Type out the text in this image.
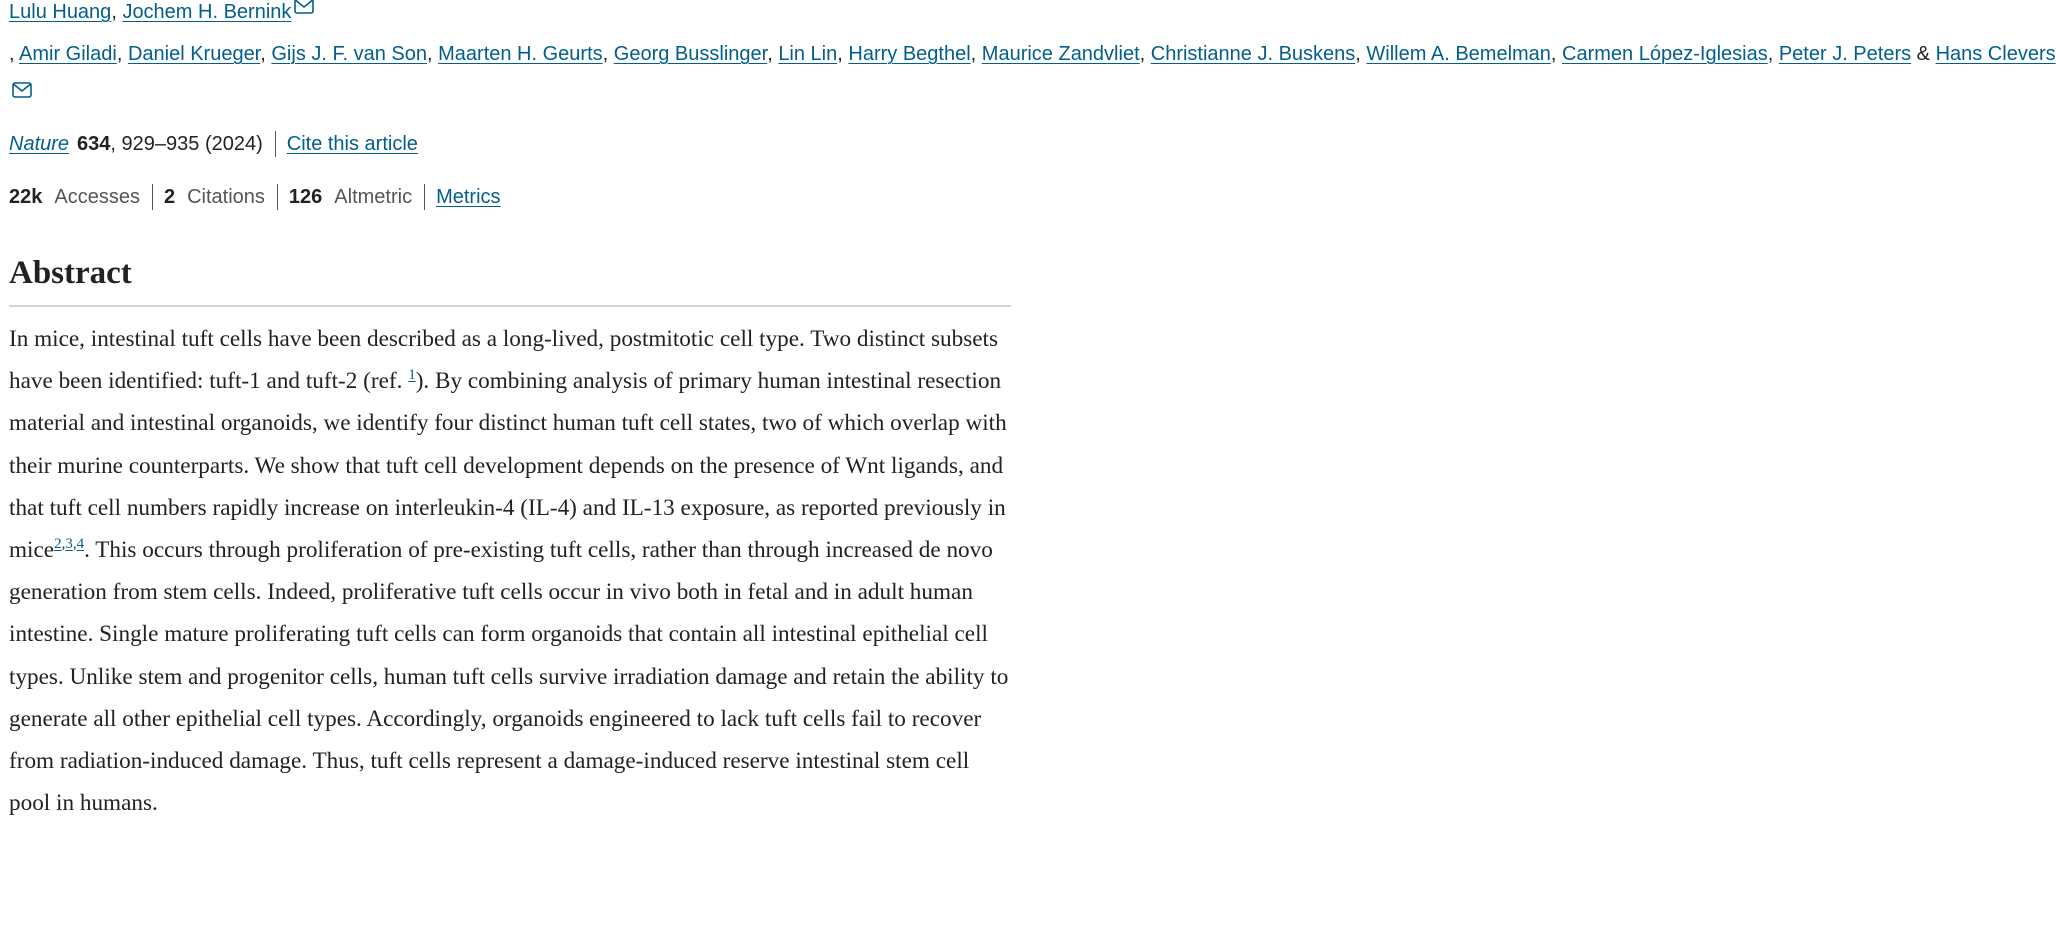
Lulu Huang, Jochem H. Bernink
, Amir Giladi, Daniel Krueger, Gijs J. F. van Son, Maarten H. Geurts, Georg Busslinger, Lin Lin, Harry Begthel, Maurice Zandvliet, Christianne J. Buskens, Willem A. Bemelman, Carmen López-Iglesias, Peter J. Peters & Hans Clevers
Nature 634 , 929–935 (2024) Cite this article
22k Accesses 2 Citations 126 Altmetric Metrics
Abstract

In mice, intestinal tuft cells have been described as a long-lived, postmitotic cell type. Two distinct subsets have been identified: tuft-1 and tuft-2 (ref. $^1$). By combining analysis of primary human intestinal resection material and intestinal organoids, we identify four distinct human tuft cell states, two of which overlap with their murine counterparts. We show that tuft cell development depends on the presence of Wnt ligands, and that tuft cell numbers rapidly increase on interleukin-4 (IL-4) and IL-13 exposure, as reported previously in mice$^{2,3,4}$. This occurs through proliferation of pre-existing tuft cells, rather than through increased de novo generation from stem cells. Indeed, proliferative tuft cells occur in vivo both in fetal and in adult human intestine. Single mature proliferating tuft cells can form organoids that contain all intestinal epithelial cell types. Unlike stem and progenitor cells, human tuft cells survive irradiation damage and retain the ability to generate all other epithelial cell types. Accordingly, organoids engineered to lack tuft cells fail to recover from radiation-induced damage. Thus, tuft cells represent a damage-induced reserve intestinal stem cell pool in humans.
